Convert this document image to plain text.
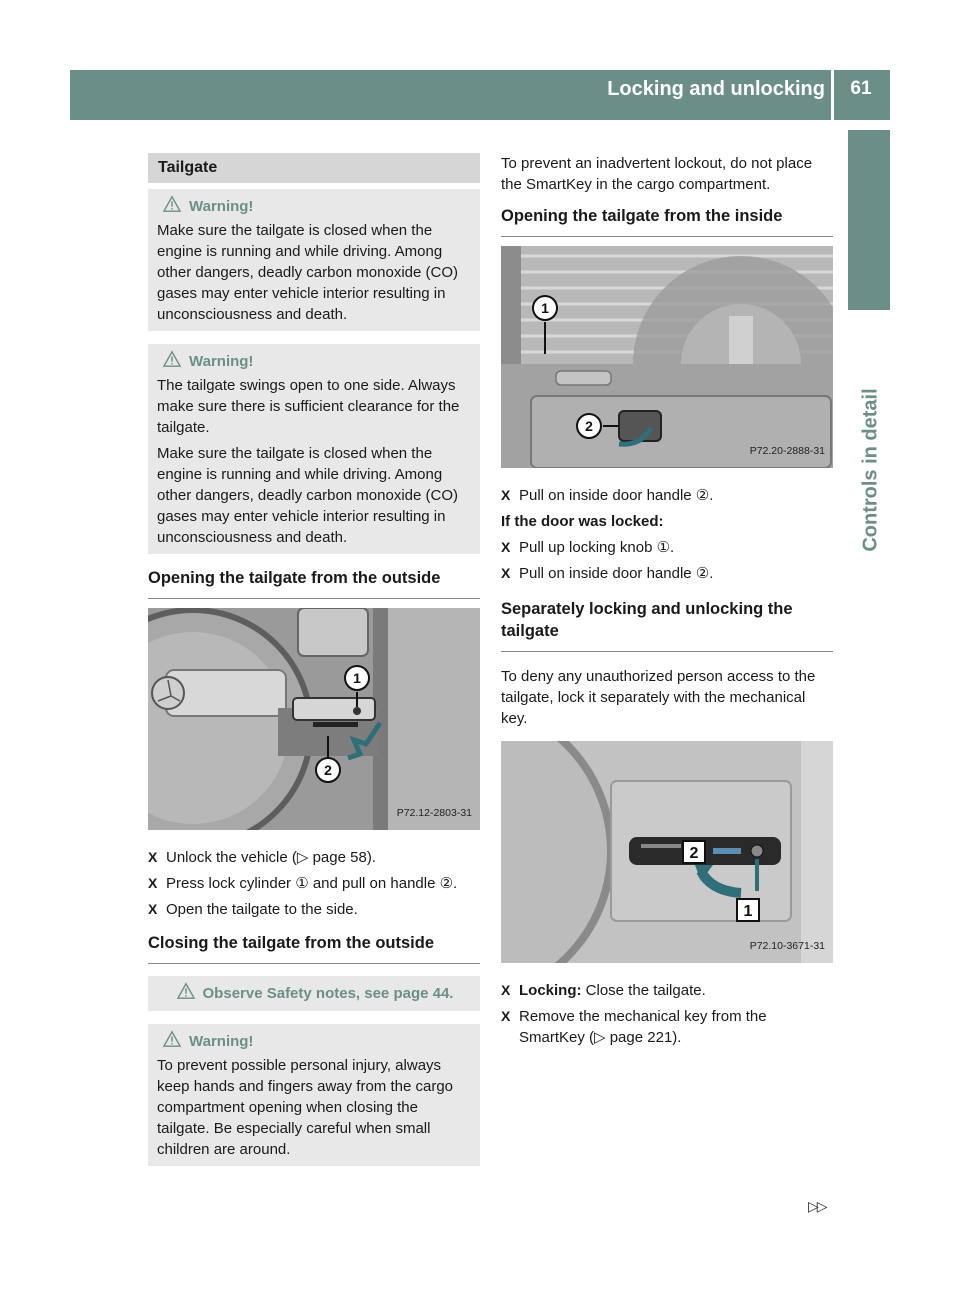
Locking and unlocking	61
Controls in detail
Tailgate
Warning!

Make sure the tailgate is closed when the engine is running and while driving. Among other dangers, deadly carbon monoxide (CO) gases may enter vehicle interior resulting in unconsciousness and death.

Warning!

The tailgate swings open to one side. Always make sure there is sufficient clearance for the tailgate.

Make sure the tailgate is closed when the engine is running and while driving. Among other dangers, deadly carbon monoxide (CO) gases may enter vehicle interior resulting in unconsciousness and death.

Opening the tailgate from the outside
1
2
P72.12-2803-31
X Unlock the vehicle (▷ page 58).
X Press lock cylinder ① and pull on handle ②.
X Open the tailgate to the side.
Closing the tailgate from the outside
Observe Safety notes, see page 44.
Warning!

To prevent possible personal injury, always keep hands and fingers away from the cargo compartment opening when closing the tailgate. Be especially careful when small children are around.

To prevent an inadvertent lockout, do not place the SmartKey in the cargo compartment.

Opening the tailgate from the inside
1
2
P72.20-2888-31
X Pull on inside door handle ②.

If the door was locked:

X Pull up locking knob ①.
X Pull on inside door handle ②.
Separately locking and unlocking the tailgate

To deny any unauthorized person access to the tailgate, lock it separately with the mechanical key.

2
1
P72.10-3671-31
X Locking: Close the tailgate.
X Remove the mechanical key from the SmartKey (▷ page 221).
▷▷
